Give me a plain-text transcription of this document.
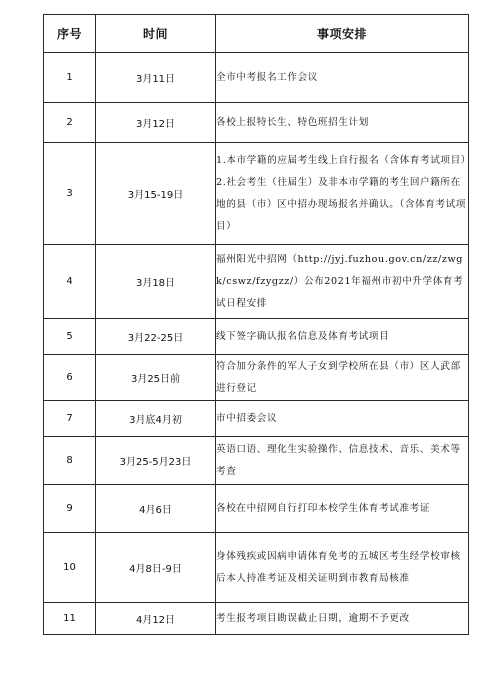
序号	时间	事项安排
1	3月11日	全市中考报名工作会议

2	3月12日	各校上报特长生、特色班招生计划

3	3月15-19日	1.本市学籍的应届考生线上自行报名（含体育考试项目）
2.社会考生（往届生）及非本市学籍的考生回户籍所在地的县（市）区中招办现场报名并确认。（含体育考试项目）

4	3月18日	福州阳光中招网（http://jyj.fuzhou.gov.cn/zz/zwgk/cswz/fzygzz/）公布2021年福州市初中升学体育考试日程安排

5	3月22-25日	线下签字确认报名信息及体育考试项目

6	3月25日前	符合加分条件的军人子女到学校所在县（市）区人武部进行登记

7	3月底4月初	市中招委会议

8	3月25-5月23日	英语口语、理化生实验操作、信息技术、音乐、美术等考查

9	4月6日	各校在中招网自行打印本校学生体育考试准考证

10	4月8日-9日	身体残疾或因病申请体育免考的五城区考生经学校审核后本人持准考证及相关证明到市教育局核准

11	4月12日	考生报考项目勘误截止日期，逾期不予更改
